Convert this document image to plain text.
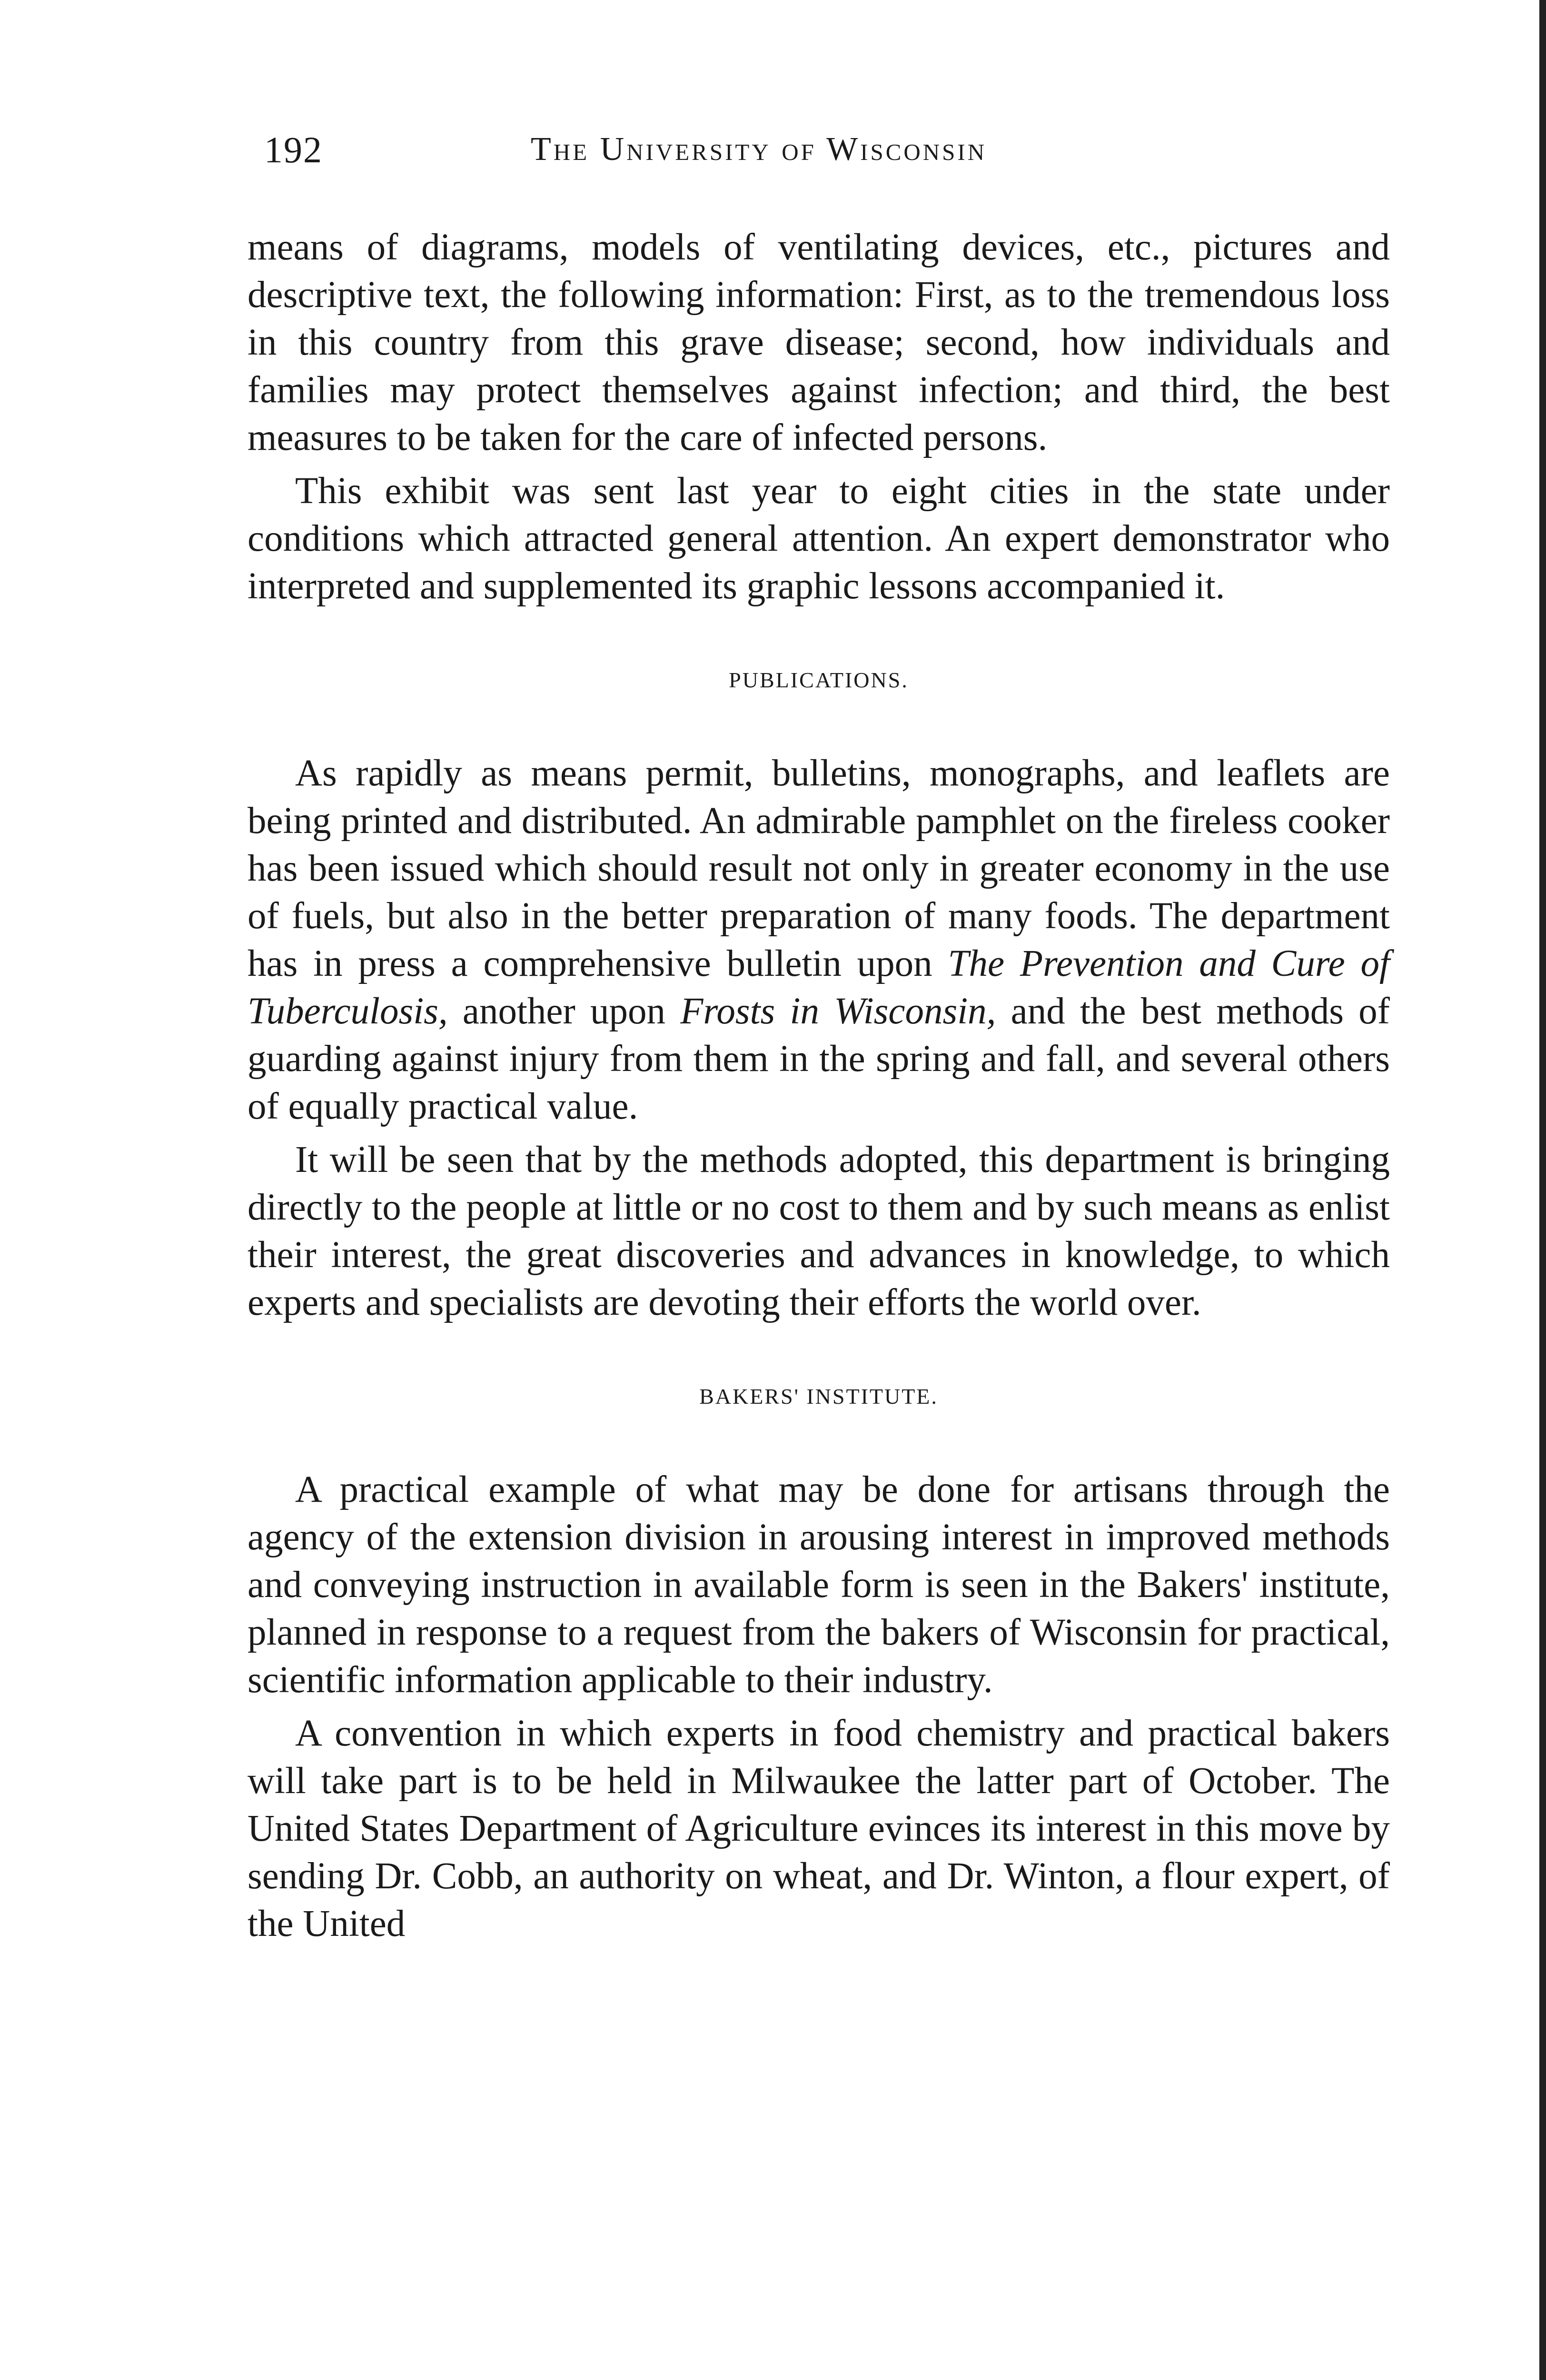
192	The University of Wisconsin

means of diagrams, models of ventilating devices, etc., pictures and descriptive text, the following information: First, as to the tremendous loss in this country from this grave disease; second, how individuals and families may protect themselves against infection; and third, the best measures to be taken for the care of infected persons.

This exhibit was sent last year to eight cities in the state under conditions which attracted general attention. An expert demonstrator who interpreted and supplemented its graphic lessons accompanied it.

PUBLICATIONS.

As rapidly as means permit, bulletins, monographs, and leaflets are being printed and distributed. An admirable pamphlet on the fireless cooker has been issued which should result not only in greater economy in the use of fuels, but also in the better preparation of many foods. The department has in press a comprehensive bulletin upon The Prevention and Cure of Tuberculosis, another upon Frosts in Wisconsin, and the best methods of guarding against injury from them in the spring and fall, and several others of equally practical value.

It will be seen that by the methods adopted, this department is bringing directly to the people at little or no cost to them and by such means as enlist their interest, the great discoveries and advances in knowledge, to which experts and specialists are devoting their efforts the world over.

BAKERS' INSTITUTE.

A practical example of what may be done for artisans through the agency of the extension division in arousing interest in improved methods and conveying instruction in available form is seen in the Bakers' institute, planned in response to a request from the bakers of Wisconsin for practical, scientific information applicable to their industry.

A convention in which experts in food chemistry and practical bakers will take part is to be held in Milwaukee the latter part of October. The United States Department of Agriculture evinces its interest in this move by sending Dr. Cobb, an authority on wheat, and Dr. Winton, a flour expert, of the United
